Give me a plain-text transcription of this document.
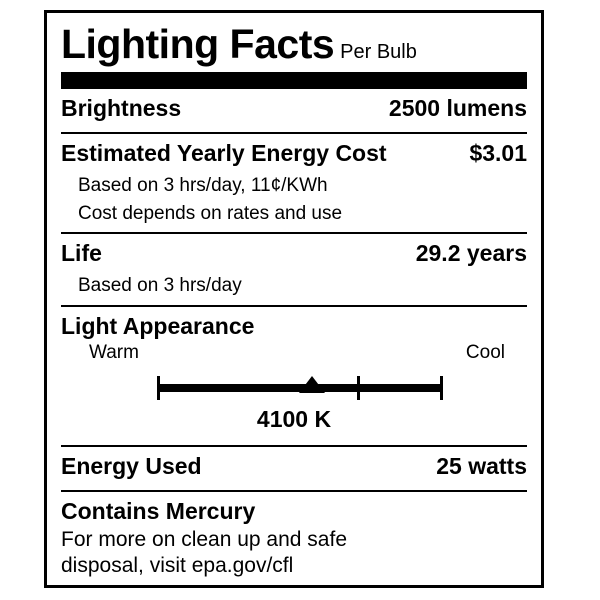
Lighting Facts Per Bulb
Brightness	2500 lumens
Estimated Yearly Energy Cost	$3.01
Based on 3 hrs/day, 11¢/KWh
Cost depends on rates and use
Life	29.2 years
Based on 3 hrs/day
Light Appearance
Warm	Cool
4100 K
Energy Used	25 watts
Contains Mercury
For more on clean up and safe
disposal, visit epa.gov/cfl
